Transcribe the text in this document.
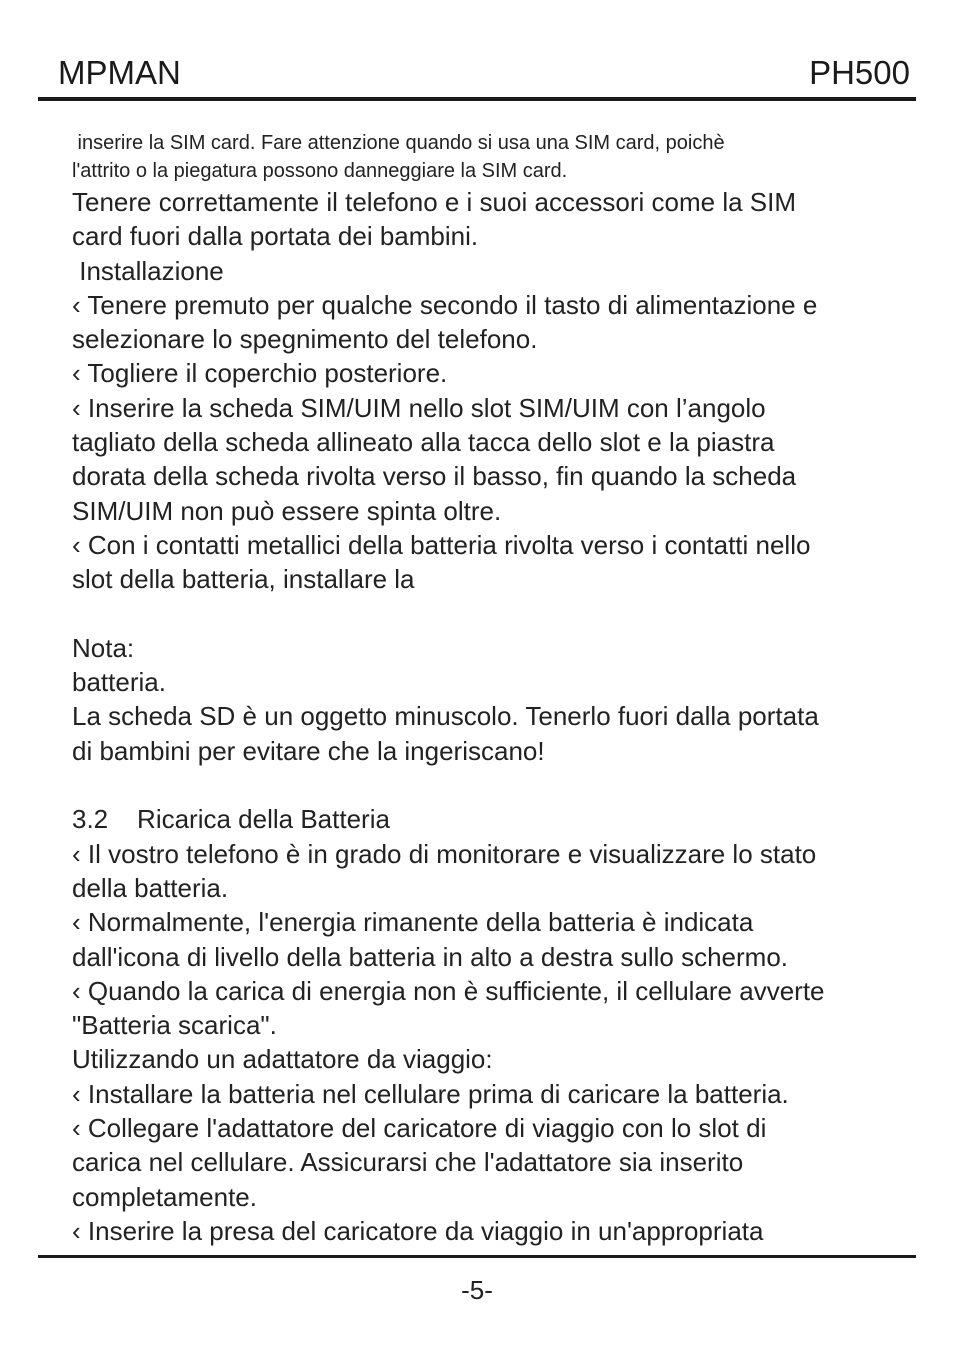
MPMAN	PH500
inserire la SIM card. Fare attenzione quando si usa una SIM card, poichè
l'attrito o la piegatura possono danneggiare la SIM card.
Tenere correttamente il telefono e i suoi accessori come la SIM
card fuori dalla portata dei bambini.
Installazione
‹ Tenere premuto per qualche secondo il tasto di alimentazione e
selezionare lo spegnimento del telefono.
‹ Togliere il coperchio posteriore.
‹ Inserire la scheda SIM/UIM nello slot SIM/UIM con l’angolo
tagliato della scheda allineato alla tacca dello slot e la piastra
dorata della scheda rivolta verso il basso, fin quando la scheda
SIM/UIM non può essere spinta oltre.
‹ Con i contatti metallici della batteria rivolta verso i contatti nello
slot della batteria, installare la
Nota:
batteria.
La scheda SD è un oggetto minuscolo. Tenerlo fuori dalla portata
di bambini per evitare che la ingeriscano!
3.2    Ricarica della Batteria
‹ Il vostro telefono è in grado di monitorare e visualizzare lo stato
della batteria.
‹ Normalmente, l'energia rimanente della batteria è indicata
dall'icona di livello della batteria in alto a destra sullo schermo.
‹ Quando la carica di energia non è sufficiente, il cellulare avverte
"Batteria scarica".
Utilizzando un adattatore da viaggio:
‹ Installare la batteria nel cellulare prima di caricare la batteria.
‹ Collegare l'adattatore del caricatore di viaggio con lo slot di
carica nel cellulare. Assicurarsi che l'adattatore sia inserito
completamente.
‹ Inserire la presa del caricatore da viaggio in un'appropriata
-5-
